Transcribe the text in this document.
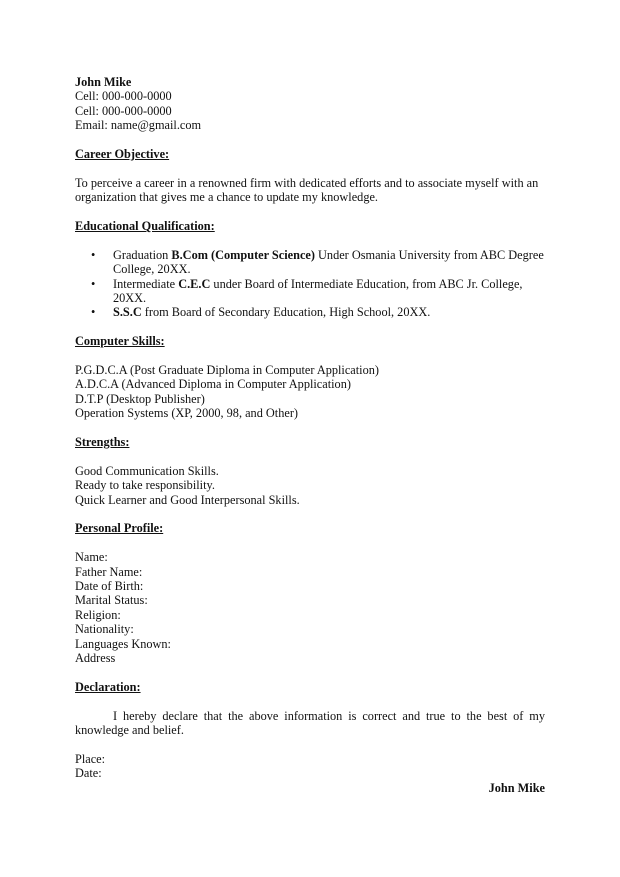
John Mike
Cell: 000-000-0000
Cell: 000-000-0000
Email: name@gmail.com
Career Objective:
To perceive a career in a renowned firm with dedicated efforts and to associate myself with an organization that gives me a chance to update my knowledge.
Educational Qualification:
• Graduation B.Com (Computer Science) Under Osmania University from ABC Degree College, 20XX.
• Intermediate C.E.C under Board of Intermediate Education, from ABC Jr. College, 20XX.
• S.S.C from Board of Secondary Education, High School, 20XX.
Computer Skills:
P.G.D.C.A (Post Graduate Diploma in Computer Application)
A.D.C.A (Advanced Diploma in Computer Application)
D.T.P (Desktop Publisher)
Operation Systems (XP, 2000, 98, and Other)
Strengths:
Good Communication Skills.
Ready to take responsibility.
Quick Learner and Good Interpersonal Skills.
Personal Profile:
Name:
Father Name:
Date of Birth:
Marital Status:
Religion:
Nationality:
Languages Known:
Address
Declaration:
I hereby declare that the above information is correct and true to the best of my knowledge and belief.
Place:
Date:
John Mike
